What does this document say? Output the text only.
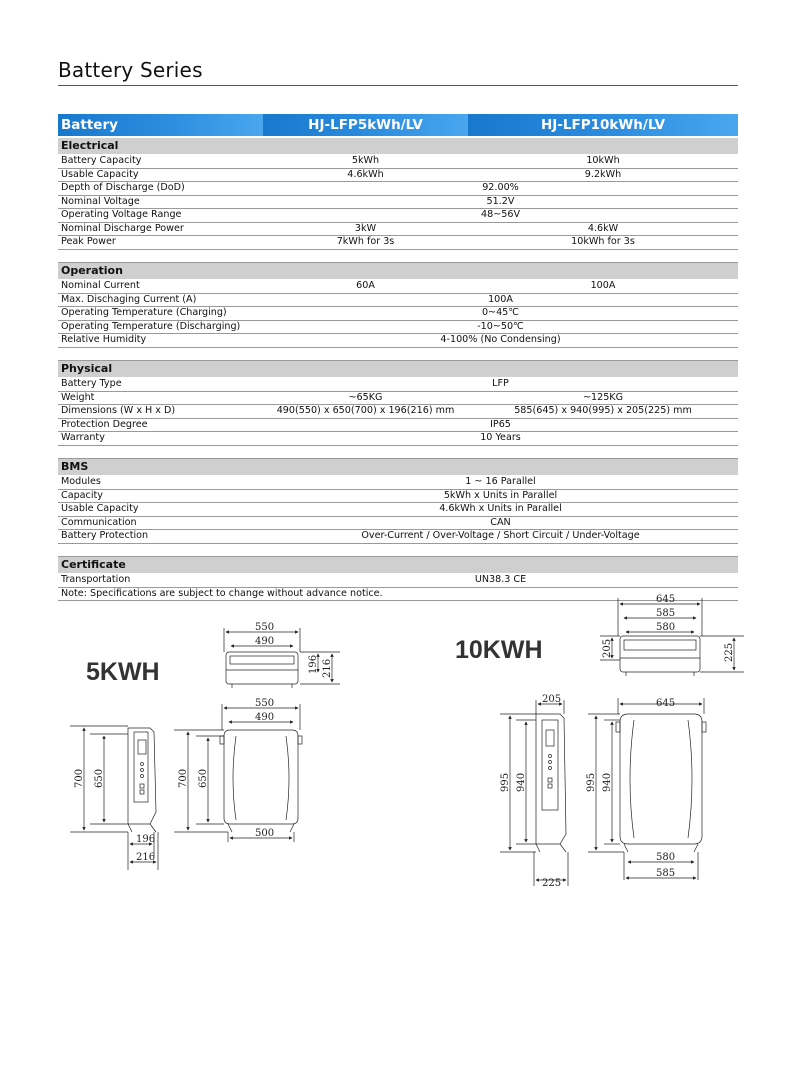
Battery Series
Battery	HJ-LFP5kWh/LV	HJ-LFP10kWh/LV
Electrical		
Battery Capacity	5kWh	10kWh
Usable Capacity	4.6kWh	9.2kWh
Depth of Discharge (DoD)	92.00%	
Nominal Voltage	51.2V	
Operating Voltage Range	48~56V	
Nominal Discharge Power	3kW	4.6kW
Peak Power	7kWh for 3s	10kWh for 3s

Operation		
Nominal Current	60A	100A
Max. Dischaging Current (A)	100A	
Operating Temperature (Charging)	0~45℃	
Operating Temperature (Discharging)	-10~50℃	
Relative Humidity	4-100% (No Condensing)	

Physical		
Battery Type	LFP	
Weight	~65KG	~125KG
Dimensions (W x H x D)	490(550) x 650(700) x 196(216) mm	585(645) x 940(995) x 205(225) mm
Protection Degree	IP65	
Warranty	10 Years	

BMS		
Modules	1 ~ 16 Parallel	
Capacity	5kWh x Units in Parallel	
Usable Capacity	4.6kWh x Units in Parallel	
Communication	CAN	
Battery Protection	Over-Current / Over-Voltage / Short Circuit / Under-Voltage	

Certificate		
Transportation	UN38.3 CE	
Note: Specifications are subject to change without advance notice.		
5KWH
10KWH
550
490
196 216
550
490
700 650
500
700 650
196
216
645
585
580
205	225
205
995 940
225
645
995 940
580
585
